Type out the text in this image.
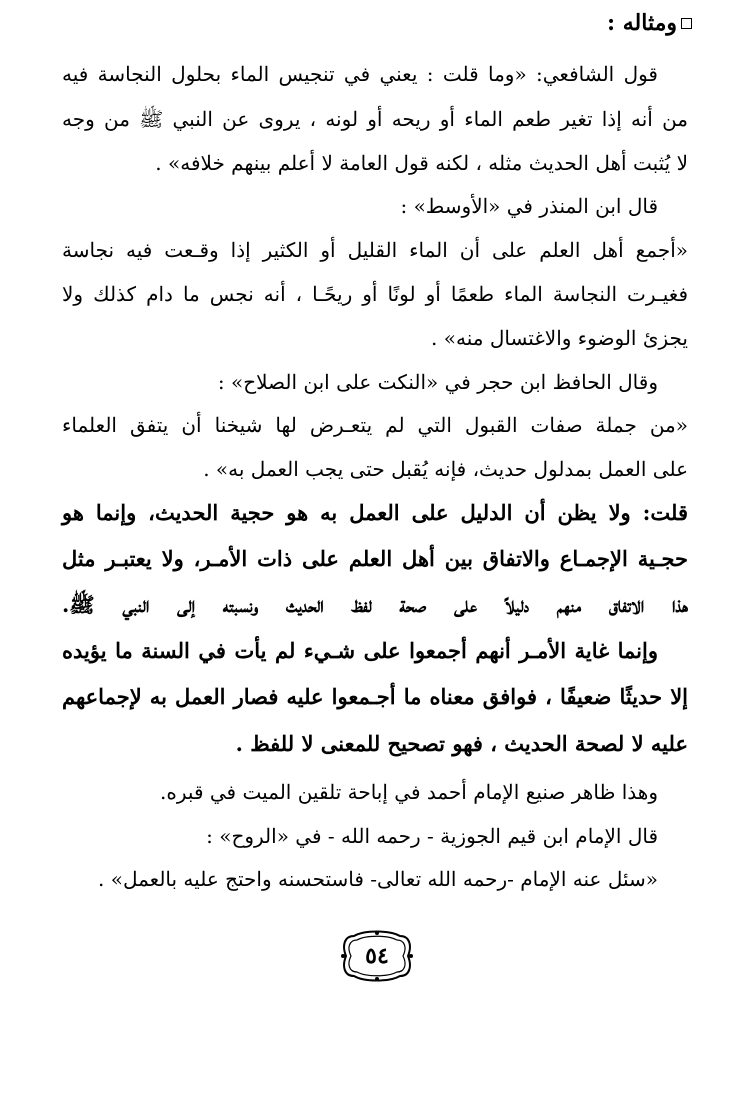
ومثاله :
قول الشافعي: «وما قلت : يعني في تنجيس الماء بحلول النجاسة فيه
من أنه إذا تغير طعم الماء أو ريحه أو لونه ، يروى عن النبي ﷺ من وجه
لا يُثبت أهل الحديث مثله ، لكنه قول العامة لا أعلم بينهم خلافه» .
قال ابن المنذر في «الأوسط» :
«أجمع أهل العلم على أن الماء القليل أو الكثير إذا وقـعت فيه نجاسة
فغيـرت النجاسة الماء طعمًا أو لونًا أو ريحًـا ، أنه نجس ما دام كذلك ولا
يجزئ الوضوء والاغتسال منه» .
وقال الحافظ ابن حجر في «النكت على ابن الصلاح» :
«من جملة صفات القبول التي لم يتعـرض لها شيخنا أن يتفق العلماء
على العمل بمدلول حديث، فإنه يُقبل حتى يجب العمل به» .
قلت: ولا يظن أن الدليل على العمل به هو حجية الحديث، وإنما هو
حجـية الإجمـاع والاتفاق بين أهل العلم على ذات الأمـر، ولا يعتبـر مثل
هذا الاتفاق منهم دليلاً على صحة لفظ الحديث ونسبته إلى النبي ﷺ.
وإنما غاية الأمـر أنهم أجمعوا على شـيء لم يأت في السنة ما يؤيده
إلا حديثًا ضعيفًا ، فوافق معناه ما أجـمعوا عليه فصار العمل به لإجماعهم
عليه لا لصحة الحديث ، فهو تصحيح للمعنى لا للفظ .
وهذا ظاهر صنيع الإمام أحمد في إباحة تلقين الميت في قبره.
قال الإمام ابن قيم الجوزية - رحمه الله - في «الروح» :
«سئل عنه الإمام -رحمه الله تعالى- فاستحسنه واحتج عليه بالعمل» .
٥٤
